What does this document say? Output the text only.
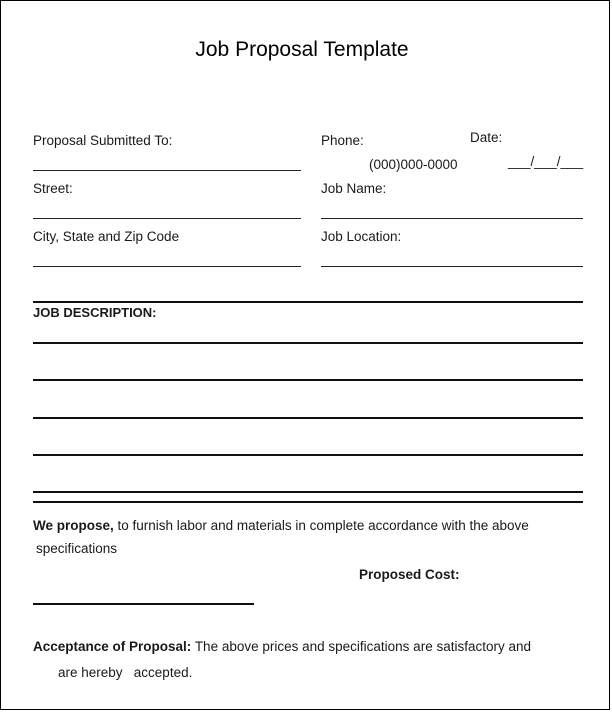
Job Proposal Template
Proposal Submitted To:	Phone:	Date:
(000)000-0000	___/___/___
Street:	Job Name:
City, State and Zip Code	Job Location:
JOB DESCRIPTION:
We propose, to furnish labor and materials in complete accordance with the above
specifications
Proposed Cost:
Acceptance of Proposal: The above prices and specifications are satisfactory and
are hereby   accepted.
